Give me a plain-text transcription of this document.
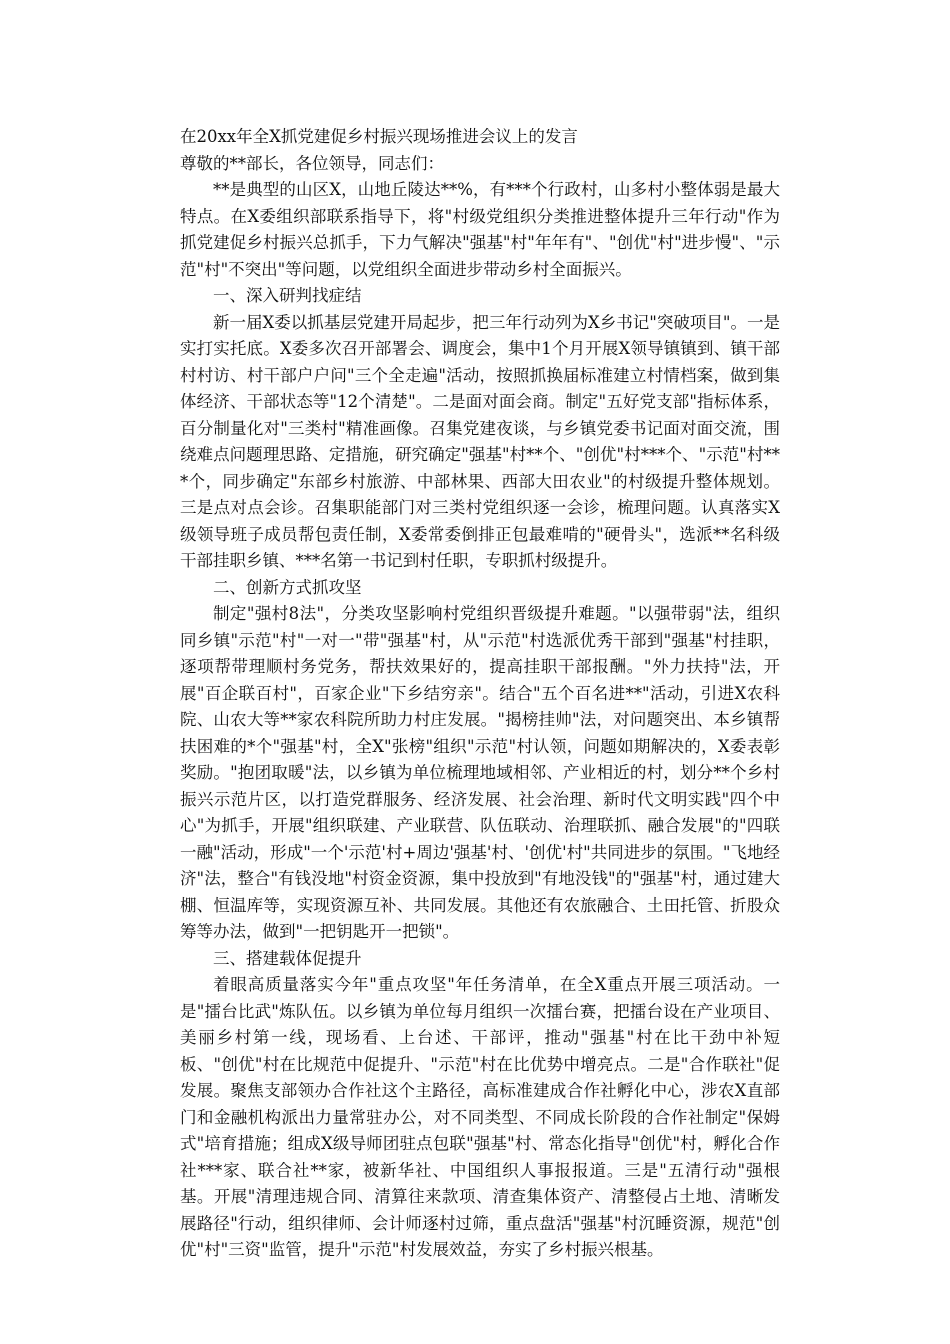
在20xx年全X抓党建促乡村振兴现场推进会议上的发言

尊敬的**部长，各位领导，同志们：

**是典型的山区X，山地丘陵达**%，有***个行政村，山多村小整体弱是最大特点。在X委组织部联系指导下，将"村级党组织分类推进整体提升三年行动"作为抓党建促乡村振兴总抓手，下力气解决"强基"村"年年有"、"创优"村"进步慢"、"示范"村"不突出"等问题，以党组织全面进步带动乡村全面振兴。

一、深入研判找症结

新一届X委以抓基层党建开局起步，把三年行动列为X乡书记"突破项目"。一是实打实托底。X委多次召开部署会、调度会，集中1个月开展X领导镇镇到、镇干部村村访、村干部户户问"三个全走遍"活动，按照抓换届标准建立村情档案，做到集体经济、干部状态等"12个清楚"。二是面对面会商。制定"五好党支部"指标体系，百分制量化对"三类村"精准画像。召集党建夜谈，与乡镇党委书记面对面交流，围绕难点问题理思路、定措施，研究确定"强基"村**个、"创优"村***个、"示范"村***个，同步确定"东部乡村旅游、中部林果、西部大田农业"的村级提升整体规划。三是点对点会诊。召集职能部门对三类村党组织逐一会诊，梳理问题。认真落实X级领导班子成员帮包责任制，X委常委倒排正包最难啃的"硬骨头"，选派**名科级干部挂职乡镇、***名第一书记到村任职，专职抓村级提升。

二、创新方式抓攻坚

制定"强村8法"，分类攻坚影响村党组织晋级提升难题。"以强带弱"法，组织同乡镇"示范"村"一对一"带"强基"村，从"示范"村选派优秀干部到"强基"村挂职，逐项帮带理顺村务党务，帮扶效果好的，提高挂职干部报酬。"外力扶持"法，开展"百企联百村"，百家企业"下乡结穷亲"。结合"五个百名进**"活动，引进X农科院、山农大等**家农科院所助力村庄发展。"揭榜挂帅"法，对问题突出、本乡镇帮扶困难的*个"强基"村，全X"张榜"组织"示范"村认领，问题如期解决的，X委表彰奖励。"抱团取暖"法，以乡镇为单位梳理地域相邻、产业相近的村，划分**个乡村振兴示范片区，以打造党群服务、经济发展、社会治理、新时代文明实践"四个中心"为抓手，开展"组织联建、产业联营、队伍联动、治理联抓、融合发展"的"四联一融"活动，形成"一个'示范'村+周边'强基'村、'创优'村"共同进步的氛围。"飞地经济"法，整合"有钱没地"村资金资源，集中投放到"有地没钱"的"强基"村，通过建大棚、恒温库等，实现资源互补、共同发展。其他还有农旅融合、土田托管、折股众筹等办法，做到"一把钥匙开一把锁"。

三、搭建载体促提升

着眼高质量落实今年"重点攻坚"年任务清单，在全X重点开展三项活动。一是"擂台比武"炼队伍。以乡镇为单位每月组织一次擂台赛，把擂台设在产业项目、美丽乡村第一线，现场看、上台述、干部评，推动"强基"村在比干劲中补短板、"创优"村在比规范中促提升、"示范"村在比优势中增亮点。二是"合作联社"促发展。聚焦支部领办合作社这个主路径，高标准建成合作社孵化中心，涉农X直部门和金融机构派出力量常驻办公，对不同类型、不同成长阶段的合作社制定"保姆式"培育措施；组成X级导师团驻点包联"强基"村、常态化指导"创优"村，孵化合作社***家、联合社**家，被新华社、中国组织人事报报道。三是"五清行动"强根基。开展"清理违规合同、清算往来款项、清查集体资产、清整侵占土地、清晰发展路径"行动，组织律师、会计师逐村过筛，重点盘活"强基"村沉睡资源，规范"创优"村"三资"监管，提升"示范"村发展效益，夯实了乡村振兴根基。
